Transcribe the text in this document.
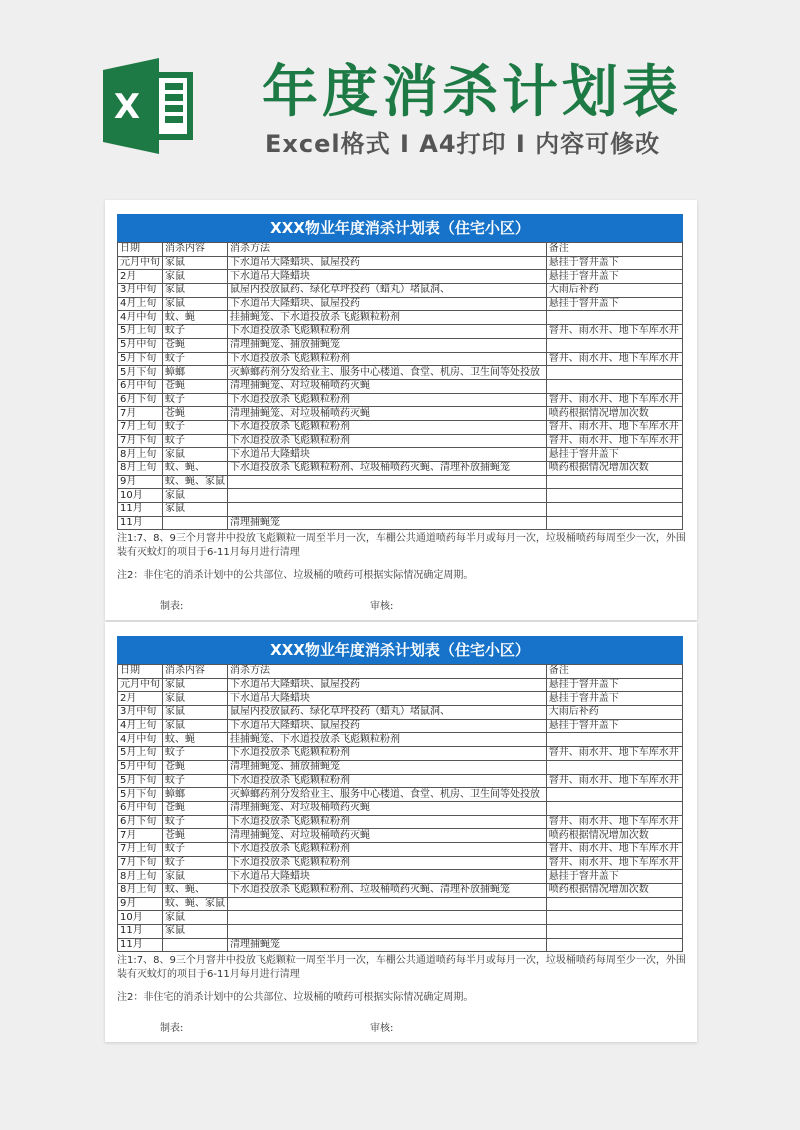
X 年度消杀计划表
Excel格式 I A4打印 I 内容可修改
XXX物业年度消杀计划表（住宅小区）
日期	消杀内容	消杀方法	备注
元月中旬	家鼠	下水道吊大隆蜡块、鼠屋投药	悬挂于窨井盖下
2月	家鼠	下水道吊大隆蜡块	悬挂于窨井盖下
3月中旬	家鼠	鼠屋内投放鼠药、绿化草坪投药（蜡丸）堵鼠洞、	大雨后补药
4月上旬	家鼠	下水道吊大隆蜡块、鼠屋投药	悬挂于窨井盖下
4月中旬	蚊、蝇	挂捕蝇笼、下水道投放杀飞彪颗粒粉剂	
5月上旬	蚊子	下水道投放杀飞彪颗粒粉剂	窨井、雨水井、地下车库水井
5月中旬	苍蝇	清理捕蝇笼、捕放捕蝇笼	
5月下旬	蚊子	下水道投放杀飞彪颗粒粉剂	窨井、雨水井、地下车库水井
5月下旬	蟑螂	灭蟑螂药剂分发给业主、服务中心楼道、食堂、机房、卫生间等处投放	
6月中旬	苍蝇	清理捕蝇笼、对垃圾桶喷药灭蝇	
6月下旬	蚊子	下水道投放杀飞彪颗粒粉剂	窨井、雨水井、地下车库水井
7月	苍蝇	清理捕蝇笼、对垃圾桶喷药灭蝇	喷药根据情况增加次数
7月上旬	蚊子	下水道投放杀飞彪颗粒粉剂	窨井、雨水井、地下车库水井
7月下旬	蚊子	下水道投放杀飞彪颗粒粉剂	窨井、雨水井、地下车库水井
8月上旬	家鼠	下水道吊大隆蜡块	悬挂于窨井盖下
8月上旬	蚊、蝇、	下水道投放杀飞彪颗粒粉剂、垃圾桶喷药灭蝇、清理补放捕蝇笼	喷药根据情况增加次数
9月	蚊、蝇、家鼠		
10月	家鼠		
11月	家鼠		
11月		清理捕蝇笼	
注1:7、8、9三个月窨井中投放飞彪颗粒一周至半月一次，车棚公共通道喷药每半月或每月一次，垃圾桶喷药每周至少一次，外围装有灭蚊灯的项目于6-11月每月进行清理
注2：非住宅的消杀计划中的公共部位、垃圾桶的喷药可根据实际情况确定周期。
制表:	审核:
XXX物业年度消杀计划表（住宅小区）
日期	消杀内容	消杀方法	备注
元月中旬	家鼠	下水道吊大隆蜡块、鼠屋投药	悬挂于窨井盖下
2月	家鼠	下水道吊大隆蜡块	悬挂于窨井盖下
3月中旬	家鼠	鼠屋内投放鼠药、绿化草坪投药（蜡丸）堵鼠洞、	大雨后补药
4月上旬	家鼠	下水道吊大隆蜡块、鼠屋投药	悬挂于窨井盖下
4月中旬	蚊、蝇	挂捕蝇笼、下水道投放杀飞彪颗粒粉剂	
5月上旬	蚊子	下水道投放杀飞彪颗粒粉剂	窨井、雨水井、地下车库水井
5月中旬	苍蝇	清理捕蝇笼、捕放捕蝇笼	
5月下旬	蚊子	下水道投放杀飞彪颗粒粉剂	窨井、雨水井、地下车库水井
5月下旬	蟑螂	灭蟑螂药剂分发给业主、服务中心楼道、食堂、机房、卫生间等处投放	
6月中旬	苍蝇	清理捕蝇笼、对垃圾桶喷药灭蝇	
6月下旬	蚊子	下水道投放杀飞彪颗粒粉剂	窨井、雨水井、地下车库水井
7月	苍蝇	清理捕蝇笼、对垃圾桶喷药灭蝇	喷药根据情况增加次数
7月上旬	蚊子	下水道投放杀飞彪颗粒粉剂	窨井、雨水井、地下车库水井
7月下旬	蚊子	下水道投放杀飞彪颗粒粉剂	窨井、雨水井、地下车库水井
8月上旬	家鼠	下水道吊大隆蜡块	悬挂于窨井盖下
8月上旬	蚊、蝇、	下水道投放杀飞彪颗粒粉剂、垃圾桶喷药灭蝇、清理补放捕蝇笼	喷药根据情况增加次数
9月	蚊、蝇、家鼠		
10月	家鼠		
11月	家鼠		
11月		清理捕蝇笼	
注1:7、8、9三个月窨井中投放飞彪颗粒一周至半月一次，车棚公共通道喷药每半月或每月一次，垃圾桶喷药每周至少一次，外围装有灭蚊灯的项目于6-11月每月进行清理
注2：非住宅的消杀计划中的公共部位、垃圾桶的喷药可根据实际情况确定周期。
制表:	审核:
